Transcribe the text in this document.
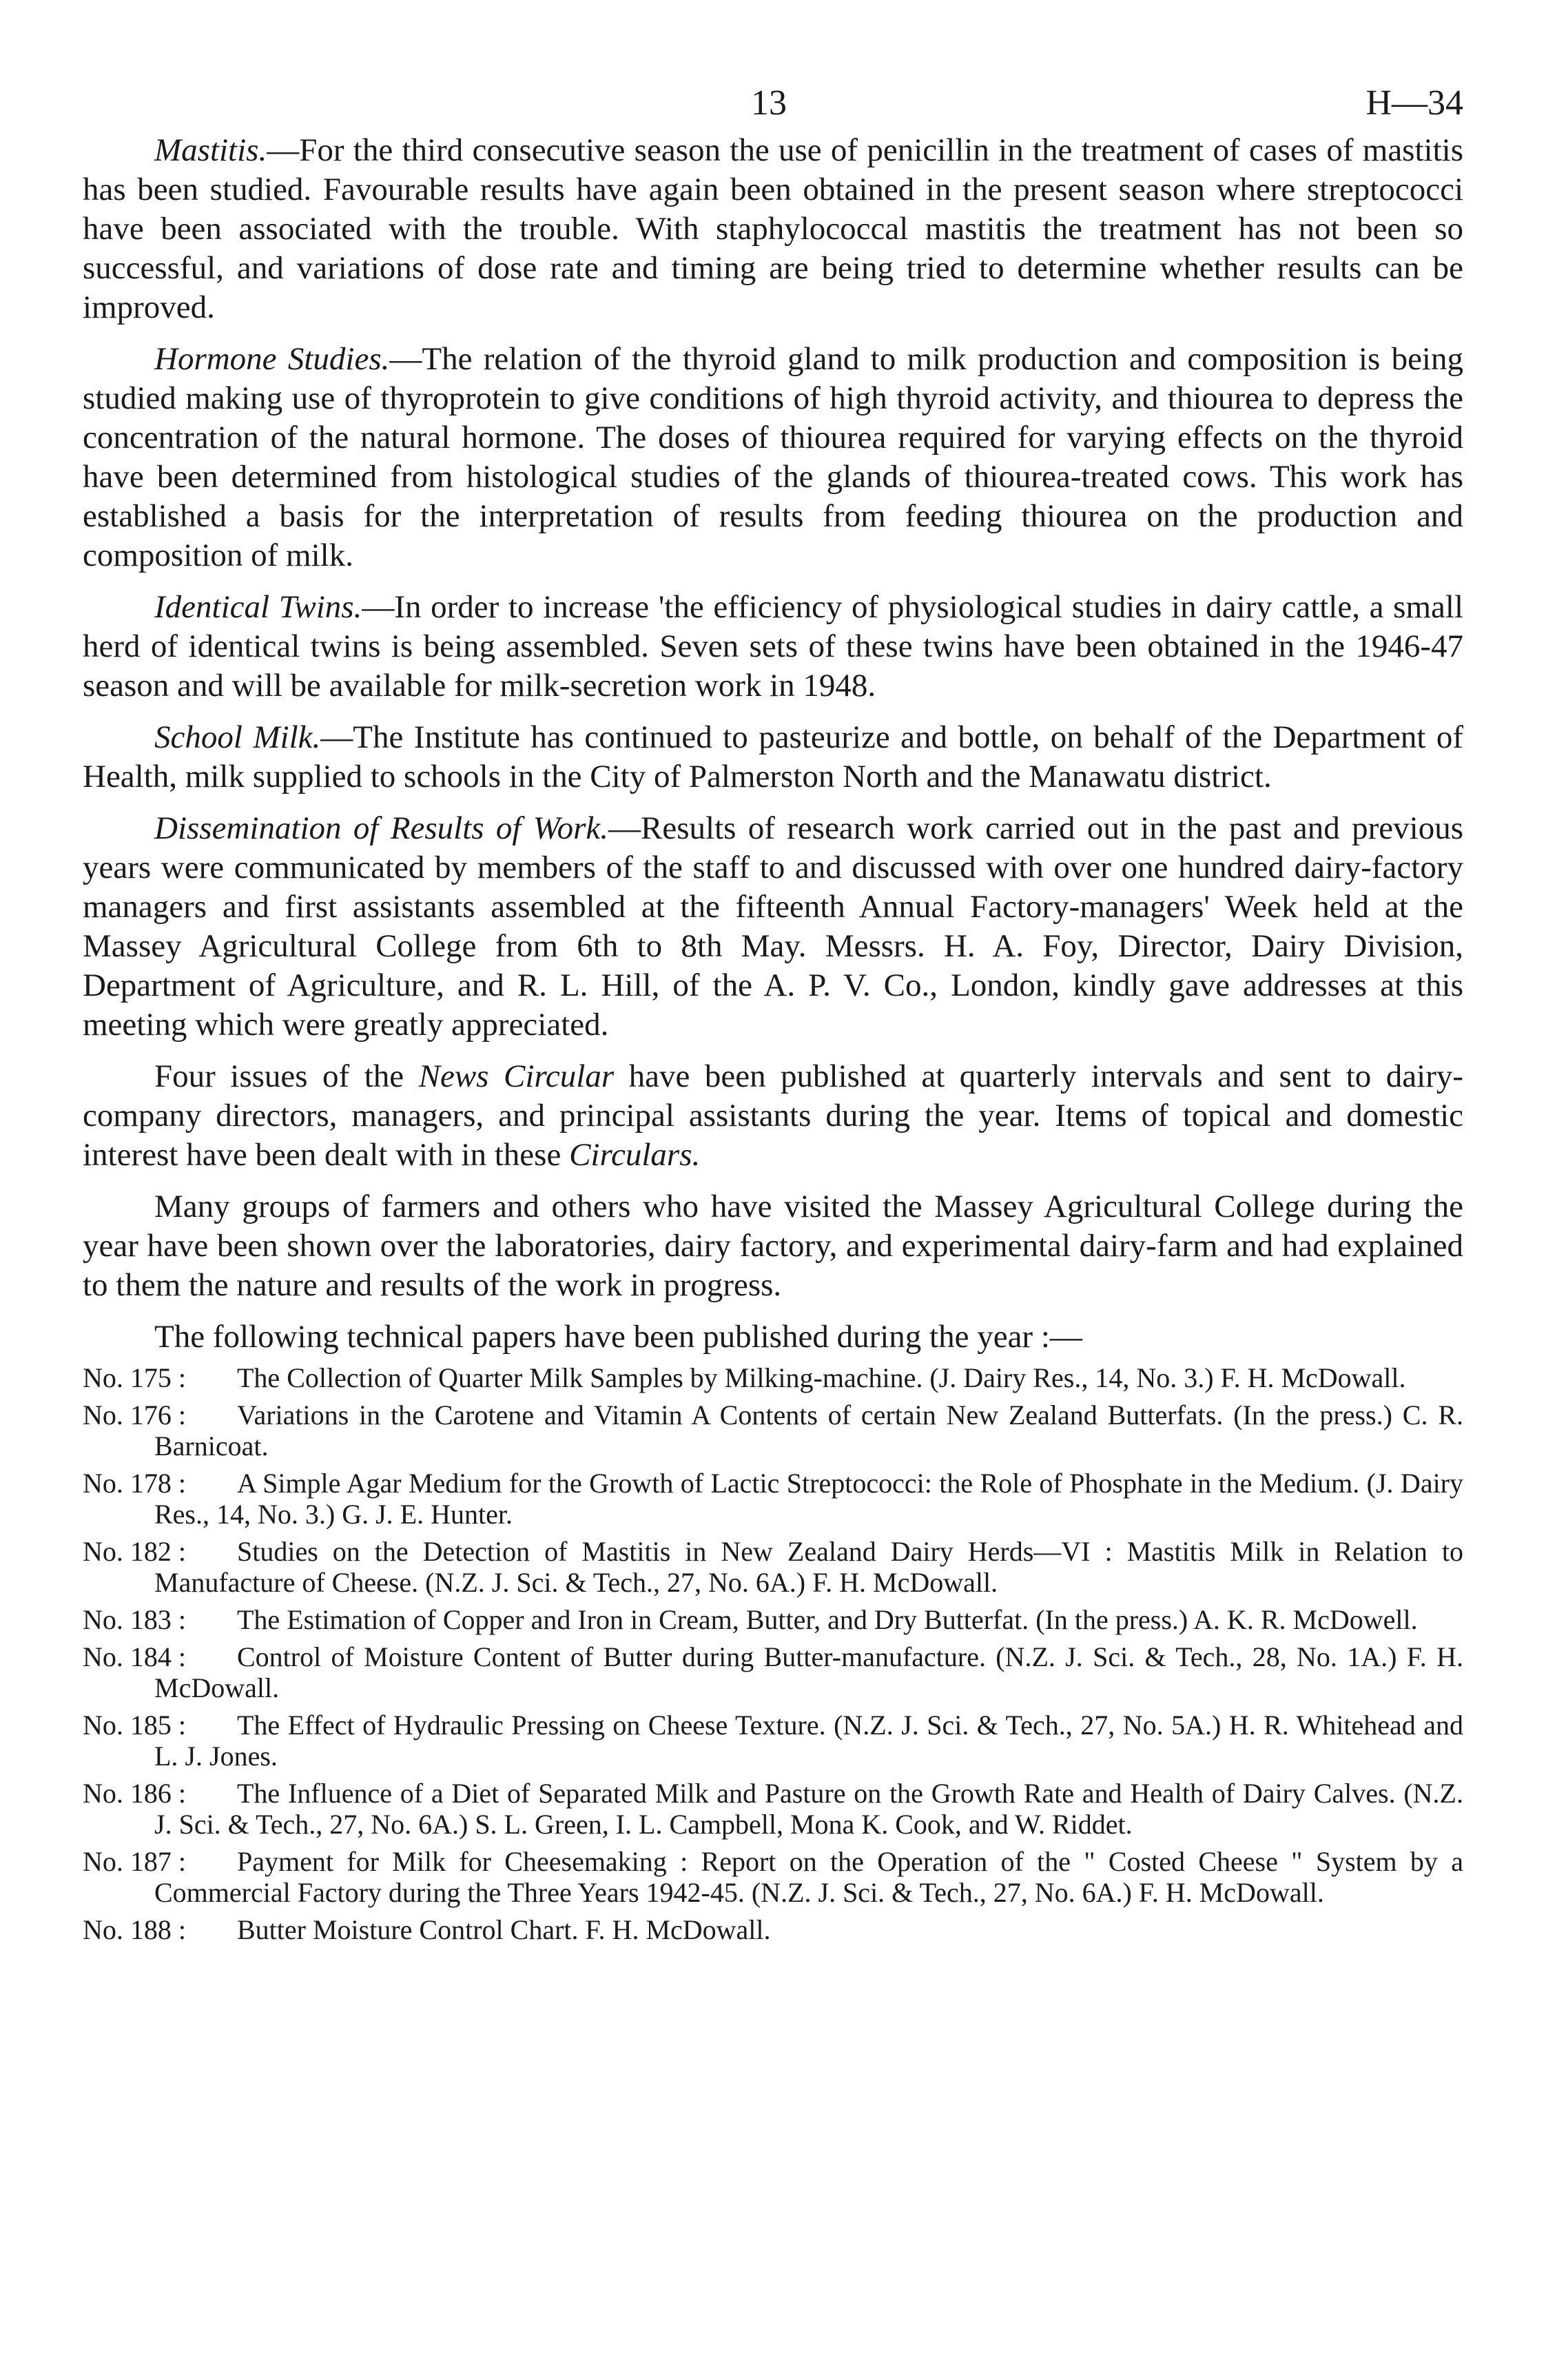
13	H—34

Mastitis.—For the third consecutive season the use of penicillin in the treatment of cases of mastitis has been studied. Favourable results have again been obtained in the present season where streptococci have been associated with the trouble. With staphylococcal mastitis the treatment has not been so successful, and variations of dose rate and timing are being tried to determine whether results can be improved.

Hormone Studies.—The relation of the thyroid gland to milk production and composition is being studied making use of thyroprotein to give conditions of high thyroid activity, and thiourea to depress the concentration of the natural hormone. The doses of thiourea required for varying effects on the thyroid have been determined from histological studies of the glands of thiourea-treated cows. This work has established a basis for the interpretation of results from feeding thiourea on the production and composition of milk.

Identical Twins.—In order to increase 'the efficiency of physiological studies in dairy cattle, a small herd of identical twins is being assembled. Seven sets of these twins have been obtained in the 1946-47 season and will be available for milk-secretion work in 1948.

School Milk.—The Institute has continued to pasteurize and bottle, on behalf of the Department of Health, milk supplied to schools in the City of Palmerston North and the Manawatu district.

Dissemination of Results of Work.—Results of research work carried out in the past and previous years were communicated by members of the staff to and discussed with over one hundred dairy-factory managers and first assistants assembled at the fifteenth Annual Factory-managers' Week held at the Massey Agricultural College from 6th to 8th May. Messrs. H. A. Foy, Director, Dairy Division, Department of Agriculture, and R. L. Hill, of the A. P. V. Co., London, kindly gave addresses at this meeting which were greatly appreciated.

Four issues of the News Circular have been published at quarterly intervals and sent to dairy-company directors, managers, and principal assistants during the year. Items of topical and domestic interest have been dealt with in these Circulars.

Many groups of farmers and others who have visited the Massey Agricultural College during the year have been shown over the laboratories, dairy factory, and experimental dairy-farm and had explained to them the nature and results of the work in progress.

The following technical papers have been published during the year :—

No. 175 :	The Collection of Quarter Milk Samples by Milking-machine. (J. Dairy Res., 14, No. 3.) F. H. McDowall.
No. 176 :	Variations in the Carotene and Vitamin A Contents of certain New Zealand Butterfats. (In the press.) C. R. Barnicoat.
No. 178 :	A Simple Agar Medium for the Growth of Lactic Streptococci: the Role of Phosphate in the Medium. (J. Dairy Res., 14, No. 3.) G. J. E. Hunter.
No. 182 :	Studies on the Detection of Mastitis in New Zealand Dairy Herds—VI : Mastitis Milk in Relation to Manufacture of Cheese. (N.Z. J. Sci. & Tech., 27, No. 6A.) F. H. McDowall.
No. 183 :	The Estimation of Copper and Iron in Cream, Butter, and Dry Butterfat. (In the press.) A. K. R. McDowell.
No. 184 :	Control of Moisture Content of Butter during Butter-manufacture. (N.Z. J. Sci. & Tech., 28, No. 1A.) F. H. McDowall.
No. 185 :	The Effect of Hydraulic Pressing on Cheese Texture. (N.Z. J. Sci. & Tech., 27, No. 5A.) H. R. Whitehead and L. J. Jones.
No. 186 :	The Influence of a Diet of Separated Milk and Pasture on the Growth Rate and Health of Dairy Calves. (N.Z. J. Sci. & Tech., 27, No. 6A.) S. L. Green, I. L. Campbell, Mona K. Cook, and W. Riddet.
No. 187 :	Payment for Milk for Cheesemaking : Report on the Operation of the " Costed Cheese " System by a Commercial Factory during the Three Years 1942-45. (N.Z. J. Sci. & Tech., 27, No. 6A.) F. H. McDowall.
No. 188 :	Butter Moisture Control Chart. F. H. McDowall.
